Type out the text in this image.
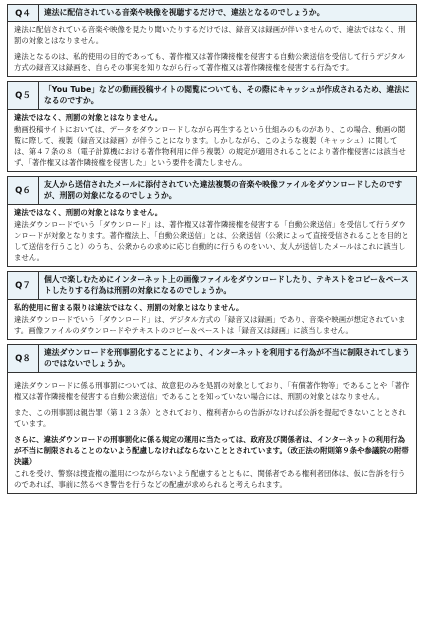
Q４	違法に配信されている音楽や映像を視聴するだけで、違法となるのでしょうか。

違法に配信されている音楽や映像を見たり聞いたりするだけでは、録音又は録画が伴いませんので、違法ではなく、刑罰の対象とはなりません。

違法となるのは、私的使用の目的であっても、著作権又は著作隣接権を侵害する自動公衆送信を受信して行うデジタル方式の録音又は録画を、自らその事実を知りながら行って著作権又は著作隣接権を侵害する行為です。

Q５
「You Tube」などの動画投稿サイトの閲覧についても、その際にキャッシュが作成されるため、違法になるのですか。

違法ではなく、刑罰の対象とはなりません。

動画投稿サイトにおいては、データをダウンロードしながら再生するという仕組みのものがあり、この場合、動画の閲覧に際して、複製（録音又は録画）が伴うことになります。しかしながら、このような複製（キャッシュ）に関しては、第４７条の８（電子計算機における著作物利用に伴う複製）の規定が適用されることにより著作権侵害には該当せず、「著作権又は著作隣接権を侵害した」という要件を満たしません。

Q６
友人から送信されたメールに添付されていた違法複製の音楽や映像ファイルをダウンロードしたのですが、刑罰の対象になるのでしょうか。

違法ではなく、刑罰の対象とはなりません。

違法ダウンロードでいう「ダウンロード」は、著作権又は著作隣接権を侵害する「自動公衆送信」を受信して行うダウンロードが対象となります。著作権法上、「自動公衆送信」とは、公衆送信（公衆によって直接受信されることを目的として送信を行うこと）のうち、公衆からの求めに応じ自動的に行うものをいい、友人が送信したメールはこれに該当しません。

Q７
個人で楽しむためにインターネット上の画像ファイルをダウンロードしたり、テキストをコピー＆ペーストしたりする行為は刑罰の対象になるのでしょうか。

私的使用に留まる限りは違法ではなく、刑罰の対象とはなりません。

違法ダウンロードでいう「ダウンロード」は、デジタル方式の「録音又は録画」であり、音楽や映画が想定されています。画像ファイルのダウンロードやテキストのコピー＆ペーストは「録音又は録画」に該当しません。

Q８
違法ダウンロードを刑事罰化することにより、インターネットを利用する行為が不当に制限されてしまうのではないでしょうか。

違法ダウンロードに係る刑事罰については、故意犯のみを処罰の対象としており、「有償著作物等」であることや「著作権又は著作隣接権を侵害する自動公衆送信」であることを知っていない場合には、刑罰の対象とはなりません。

また、この刑事罰は親告罪（第１２３条）とされており、権利者からの告訴がなければ公訴を提起できないこととされています。

さらに、違法ダウンロードの刑事罰化に係る規定の運用に当たっては、政府及び関係者は、インターネットの利用行為が不当に制限されることのないよう配慮しなければならないこととされています。（改正法の附則第９条や参議院の附帯決議）

これを受け、警察は捜査権の濫用につながらないよう配慮するとともに、関係者である権利者団体は、仮に告訴を行うのであれば、事前に然るべき警告を行うなどの配慮が求められると考えられます。
